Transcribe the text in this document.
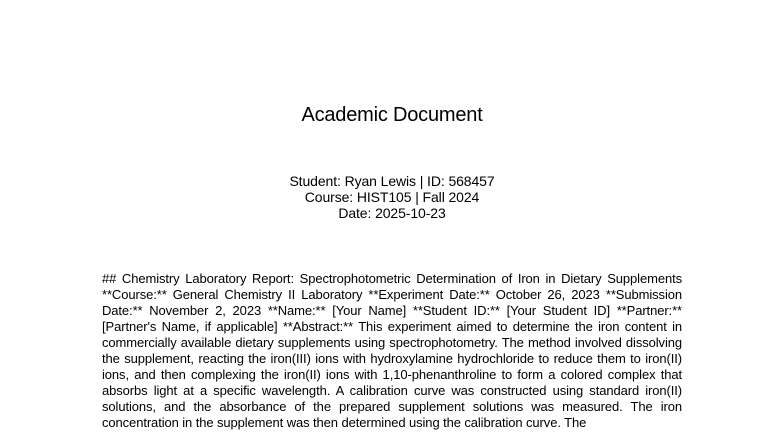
Academic Document
Student: Ryan Lewis | ID: 568457
Course: HIST105 | Fall 2024
Date: 2025-10-23
## Chemistry Laboratory Report: Spectrophotometric Determination of Iron in Dietary Supplements **Course:** General Chemistry II Laboratory **Experiment Date:** October 26, 2023 **Submission Date:** November 2, 2023 **Name:** [Your Name] **Student ID:** [Your Student ID] **Partner:** [Partner's Name, if applicable] **Abstract:** This experiment aimed to determine the iron content in commercially available dietary supplements using spectrophotometry. The method involved dissolving the supplement, reacting the iron(III) ions with hydroxylamine hydrochloride to reduce them to iron(II) ions, and then complexing the iron(II) ions with 1,10-phenanthroline to form a colored complex that absorbs light at a specific wavelength. A calibration curve was constructed using standard iron(II) solutions, and the absorbance of the prepared supplement solutions was measured. The iron concentration in the supplement was then determined using the calibration curve. The
